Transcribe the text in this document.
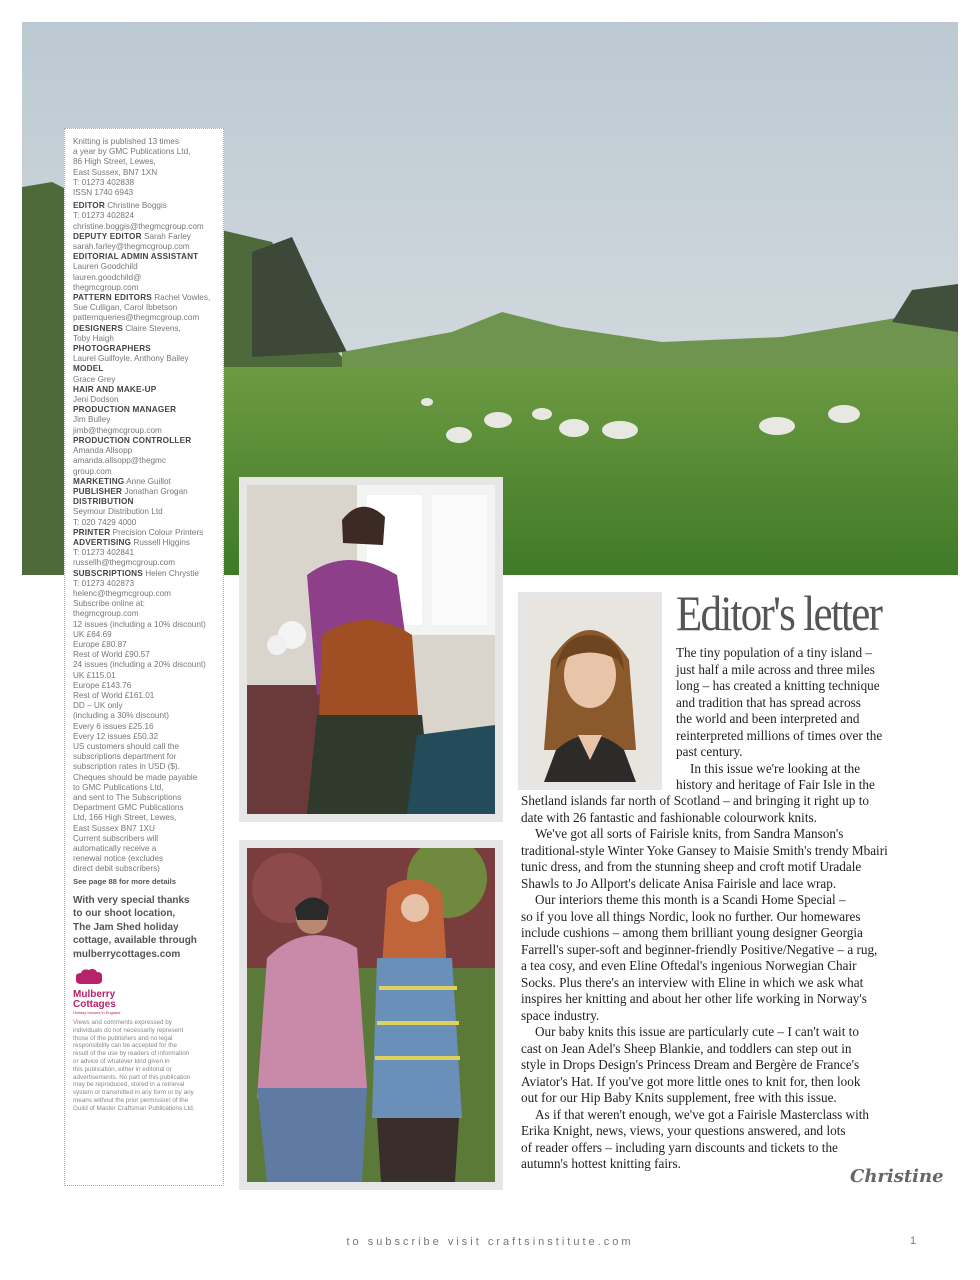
Knitting is published 13 times
a year by GMC Publications Ltd,
86 High Street, Lewes,
East Sussex, BN7 1XN
T: 01273 402838
ISSN 1740 6943
EDITOR Christine Boggis
T: 01273 402824
christine.boggis@thegmcgroup.com
DEPUTY EDITOR Sarah Farley
sarah.farley@thegmcgroup.com
EDITORIAL ADMIN ASSISTANT
Lauren Goodchild
lauren.goodchild@
thegmcgroup.com
PATTERN EDITORS Rachel Vowles,
Sue Culligan, Carol Ibbetson
patternqueries@thegmcgroup.com
DESIGNERS Claire Stevens,
Toby Haigh
PHOTOGRAPHERS
Laurel Guilfoyle, Anthony Bailey
MODEL
Grace Grey
HAIR AND MAKE-UP
Jeni Dodson
PRODUCTION MANAGER
Jim Bulley
jimb@thegmcgroup.com
PRODUCTION CONTROLLER
Amanda Allsopp
amanda.allsopp@thegmc
group.com
MARKETING Anne Guillot
PUBLISHER Jonathan Grogan
DISTRIBUTION
Seymour Distribution Ltd
T: 020 7429 4000
PRINTER Precision Colour Printers
ADVERTISING Russell Higgins
T: 01273 402841
russellh@thegmcgroup.com
SUBSCRIPTIONS Helen Chrystie
T: 01273 402873
helenc@thegmcgroup.com
Subscribe online at:
thegmcgroup.com
12 issues (including a 10% discount)
UK £64.69
Europe £80.87
Rest of World £90.57
24 issues (including a 20% discount)
UK £115.01
Europe £143.76
Rest of World £161.01
DD – UK only
(including a 30% discount)
Every 6 issues £25.16
Every 12 issues £50.32
US customers should call the
subscriptions department for
subscription rates in USD ($).
Cheques should be made payable
to GMC Publications Ltd,
and sent to The Subscriptions
Department GMC Publications
Ltd, 166 High Street, Lewes,
East Sussex BN7 1XU
Current subscribers will
automatically receive a
renewal notice (excludes
direct debit subscribers)
See page 88 for more details
With very special thanks
to our shoot location,
The Jam Shed holiday
cottage, available through
mulberrycottages.com
Mulberry
Cottages
Holiday houses in England
Views and comments expressed by
individuals do not necessarily represent
those of the publishers and no legal
responsibility can be accepted for the
result of the use by readers of information
or advice of whatever kind given in
this publication, either in editorial or
advertisements. No part of this publication
may be reproduced, stored in a retrieval
system or transmitted in any form or by any
means without the prior permission of the
Guild of Master Craftsman Publications Ltd.
Editor's letter
The tiny population of a tiny island –
just half a mile across and three miles
long – has created a knitting technique
and tradition that has spread across
the world and been interpreted and
reinterpreted millions of times over the
past century.
In this issue we're looking at the
history and heritage of Fair Isle in the

Shetland islands far north of Scotland – and bringing it right up to
date with 26 fantastic and fashionable colourwork knits.

We've got all sorts of Fairisle knits, from Sandra Manson's
traditional-style Winter Yoke Gansey to Maisie Smith's trendy Mbairi
tunic dress, and from the stunning sheep and croft motif Uradale
Shawls to Jo Allport's delicate Anisa Fairisle and lace wrap.

Our interiors theme this month is a Scandi Home Special –
so if you love all things Nordic, look no further. Our homewares
include cushions – among them brilliant young designer Georgia
Farrell's super-soft and beginner-friendly Positive/Negative – a rug,
a tea cosy, and even Eline Oftedal's ingenious Norwegian Chair
Socks. Plus there's an interview with Eline in which we ask what
inspires her knitting and about her other life working in Norway's
space industry.

Our baby knits this issue are particularly cute – I can't wait to
cast on Jean Adel's Sheep Blankie, and toddlers can step out in
style in Drops Design's Princess Dream and Bergère de France's
Aviator's Hat. If you've got more little ones to knit for, then look
out for our Hip Baby Knits supplement, free with this issue.

As if that weren't enough, we've got a Fairisle Masterclass with
Erika Knight, news, views, your questions answered, and lots
of reader offers – including yarn discounts and tickets to the
autumn's hottest knitting fairs.

Christine
to subscribe visit craftsinstitute.com	1
